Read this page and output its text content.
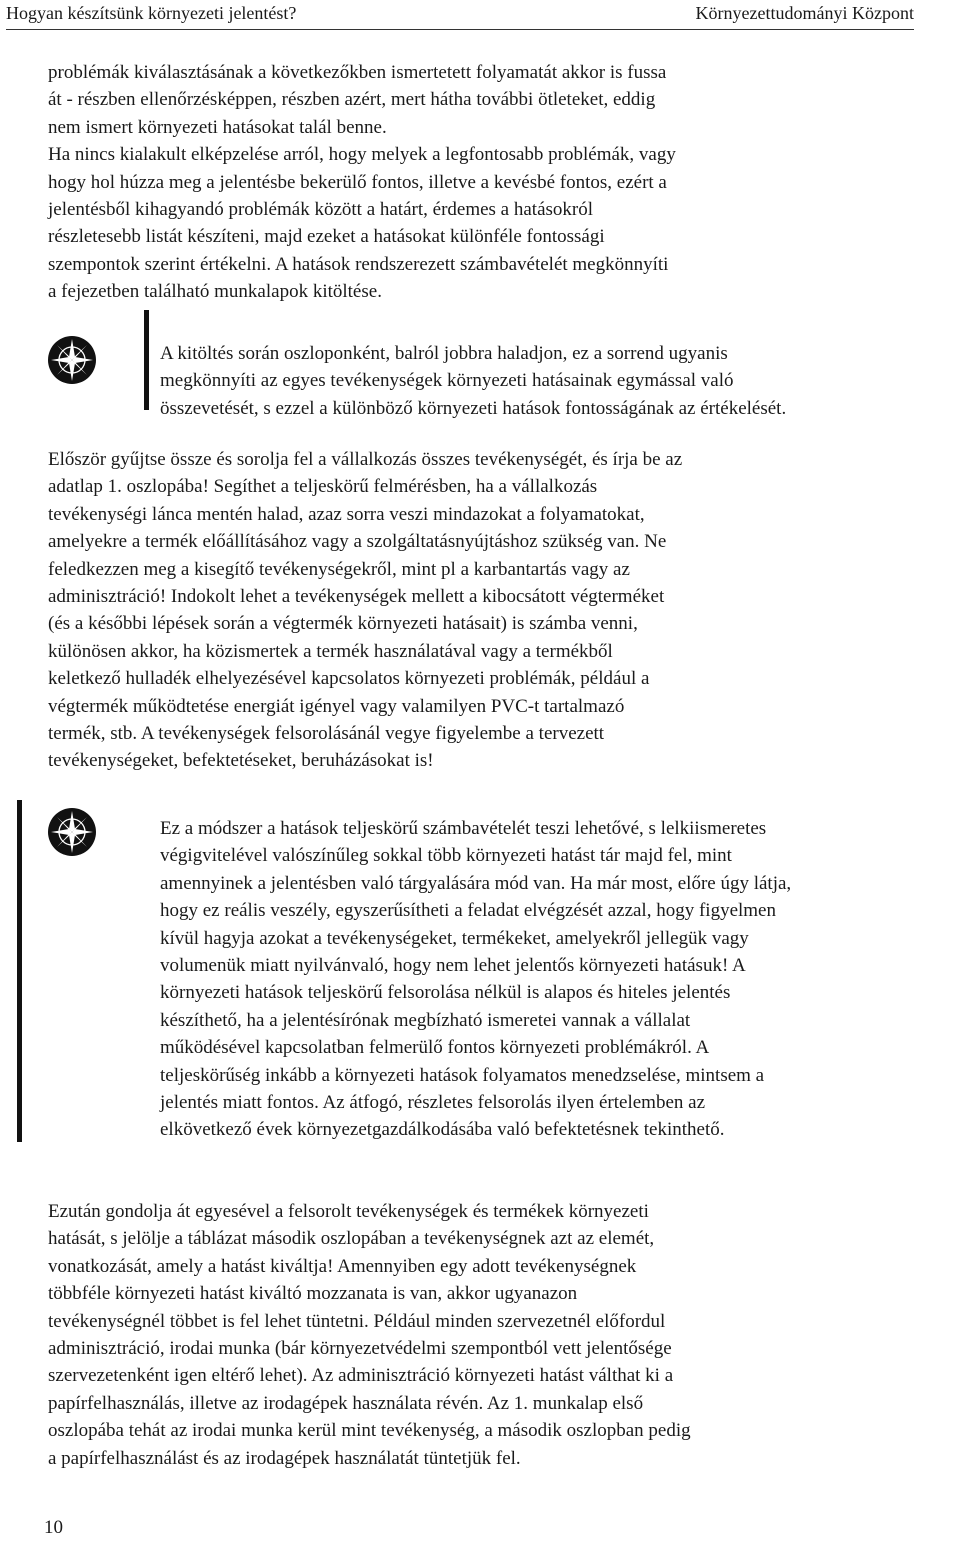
Hogyan készítsünk környezeti jelentést?	Környezettudományi Központ
problémák kiválasztásának a következőkben ismertetett folyamatát akkor is fussa
át - részben ellenőrzésképpen, részben azért, mert hátha további ötleteket, eddig
nem ismert környezeti hatásokat talál benne.
Ha nincs kialakult elképzelése arról, hogy melyek a legfontosabb problémák, vagy
hogy hol húzza meg a jelentésbe bekerülő fontos, illetve a kevésbé fontos, ezért a
jelentésből kihagyandó problémák között a határt, érdemes a hatásokról
részletesebb listát készíteni, majd ezeket a hatásokat különféle fontossági
szempontok szerint értékelni. A hatások rendszerezett számbavételét megkönnyíti
a fejezetben található munkalapok kitöltése.
A kitöltés során oszloponként, balról jobbra haladjon, ez a sorrend ugyanis
megkönnyíti az egyes tevékenységek környezeti hatásainak egymással való
összevetését, s ezzel a különböző környezeti hatások fontosságának az értékelését.
Először gyűjtse össze és sorolja fel a vállalkozás összes tevékenységét, és írja be az
adatlap 1. oszlopába! Segíthet a teljeskörű felmérésben, ha a vállalkozás
tevékenységi lánca mentén halad, azaz sorra veszi mindazokat a folyamatokat,
amelyekre a termék előállításához vagy a szolgáltatásnyújtáshoz szükség van. Ne
feledkezzen meg a kisegítő tevékenységekről, mint pl a karbantartás vagy az
adminisztráció! Indokolt lehet a tevékenységek mellett a kibocsátott végterméket
(és a későbbi lépések során a végtermék környezeti hatásait) is számba venni,
különösen akkor, ha közismertek a termék használatával vagy a termékből
keletkező hulladék elhelyezésével kapcsolatos környezeti problémák, például a
végtermék működtetése energiát igényel vagy valamilyen PVC-t tartalmazó
termék, stb. A tevékenységek felsorolásánál vegye figyelembe a tervezett
tevékenységeket, befektetéseket, beruházásokat is!
Ez a módszer a hatások teljeskörű számbavételét teszi lehetővé, s lelkiismeretes
végigvitelével valószínűleg sokkal több környezeti hatást tár majd fel, mint
amennyinek a jelentésben való tárgyalására mód van. Ha már most, előre úgy látja,
hogy ez reális veszély, egyszerűsítheti a feladat elvégzését azzal, hogy figyelmen
kívül hagyja azokat a tevékenységeket, termékeket, amelyekről jellegük vagy
volumenük miatt nyilvánvaló, hogy nem lehet jelentős környezeti hatásuk! A
környezeti hatások teljeskörű felsorolása nélkül is alapos és hiteles jelentés
készíthető, ha a jelentésírónak megbízható ismeretei vannak a vállalat
működésével kapcsolatban felmerülő fontos környezeti problémákról. A
teljeskörűség inkább a környezeti hatások folyamatos menedzselése, mintsem a
jelentés miatt fontos. Az átfogó, részletes felsorolás ilyen értelemben az
elkövetkező évek környezetgazdálkodásába való befektetésnek tekinthető.
Ezután gondolja át egyesével a felsorolt tevékenységek és termékek környezeti
hatását, s jelölje a táblázat második oszlopában a tevékenységnek azt az elemét,
vonatkozását, amely a hatást kiváltja! Amennyiben egy adott tevékenységnek
többféle környezeti hatást kiváltó mozzanata is van, akkor ugyanazon
tevékenységnél többet is fel lehet tüntetni. Például minden szervezetnél előfordul
adminisztráció, irodai munka (bár környezetvédelmi szempontból vett jelentősége
szervezetenként igen eltérő lehet). Az adminisztráció környezeti hatást válthat ki a
papírfelhasználás, illetve az irodagépek használata révén. Az 1. munkalap első
oszlopába tehát az irodai munka kerül mint tevékenység, a második oszlopban pedig
a papírfelhasználást és az irodagépek használatát tüntetjük fel.
10
